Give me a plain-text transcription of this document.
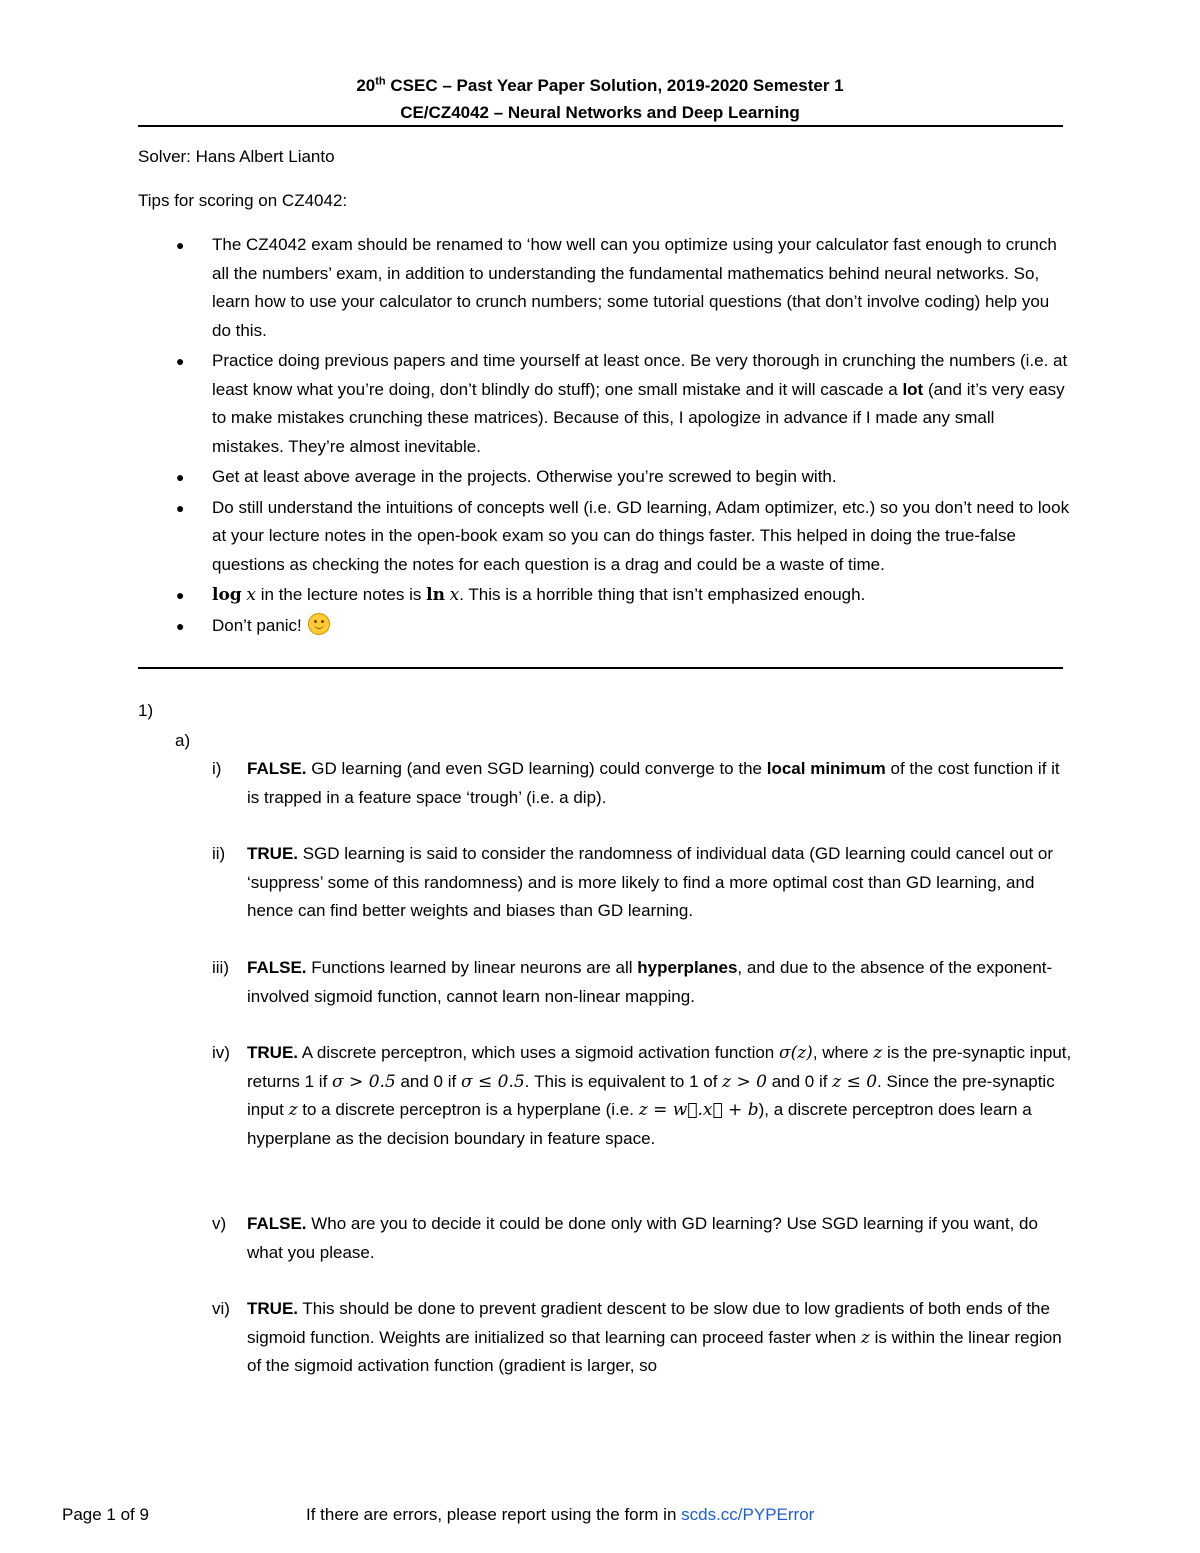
20th CSEC – Past Year Paper Solution, 2019-2020 Semester 1
CE/CZ4042 – Neural Networks and Deep Learning
Solver: Hans Albert Lianto
Tips for scoring on CZ4042:
● The CZ4042 exam should be renamed to ‘how well can you optimize using your calculator fast enough to crunch all the numbers’ exam, in addition to understanding the fundamental mathematics behind neural networks. So, learn how to use your calculator to crunch numbers; some tutorial questions (that don’t involve coding) help you do this.
● Practice doing previous papers and time yourself at least once. Be very thorough in crunching the numbers (i.e. at least know what you’re doing, don’t blindly do stuff); one small mistake and it will cascade a lot (and it’s very easy to make mistakes crunching these matrices). Because of this, I apologize in advance if I made any small mistakes. They’re almost inevitable.
● Get at least above average in the projects. Otherwise you’re screwed to begin with.
● Do still understand the intuitions of concepts well (i.e. GD learning, Adam optimizer, etc.) so you don’t need to look at your lecture notes in the open-book exam so you can do things faster. This helped in doing the true-false questions as checking the notes for each question is a drag and could be a waste of time.
● log x in the lecture notes is ln x. This is a horrible thing that isn’t emphasized enough.
● Don’t panic!
1)
a)
i)	FALSE. GD learning (and even SGD learning) could converge to the local minimum of the cost function if it is trapped in a feature space ‘trough’ (i.e. a dip).
ii)	TRUE. SGD learning is said to consider the randomness of individual data (GD learning could cancel out or ‘suppress’ some of this randomness) and is more likely to find a more optimal cost than GD learning, and hence can find better weights and biases than GD learning.
iii)	FALSE. Functions learned by linear neurons are all hyperplanes, and due to the absence of the exponent-involved sigmoid function, cannot learn non-linear mapping.
iv)	TRUE. A discrete perceptron, which uses a sigmoid activation function σ(z), where z is the pre-synaptic input, returns 1 if σ > 0.5 and 0 if σ ≤ 0.5. This is equivalent to 1 of z > 0 and 0 if z ≤ 0. Since the pre-synaptic input z to a discrete perceptron is a hyperplane (i.e. z = w⃗.x⃗ + b), a discrete perceptron does learn a hyperplane as the decision boundary in feature space.
v)	FALSE. Who are you to decide it could be done only with GD learning? Use SGD learning if you want, do what you please.
vi)	TRUE. This should be done to prevent gradient descent to be slow due to low gradients of both ends of the sigmoid function. Weights are initialized so that learning can proceed faster when z is within the linear region of the sigmoid activation function (gradient is larger, so
Page 1 of 9	If there are errors, please report using the form in scds.cc/PYPError
